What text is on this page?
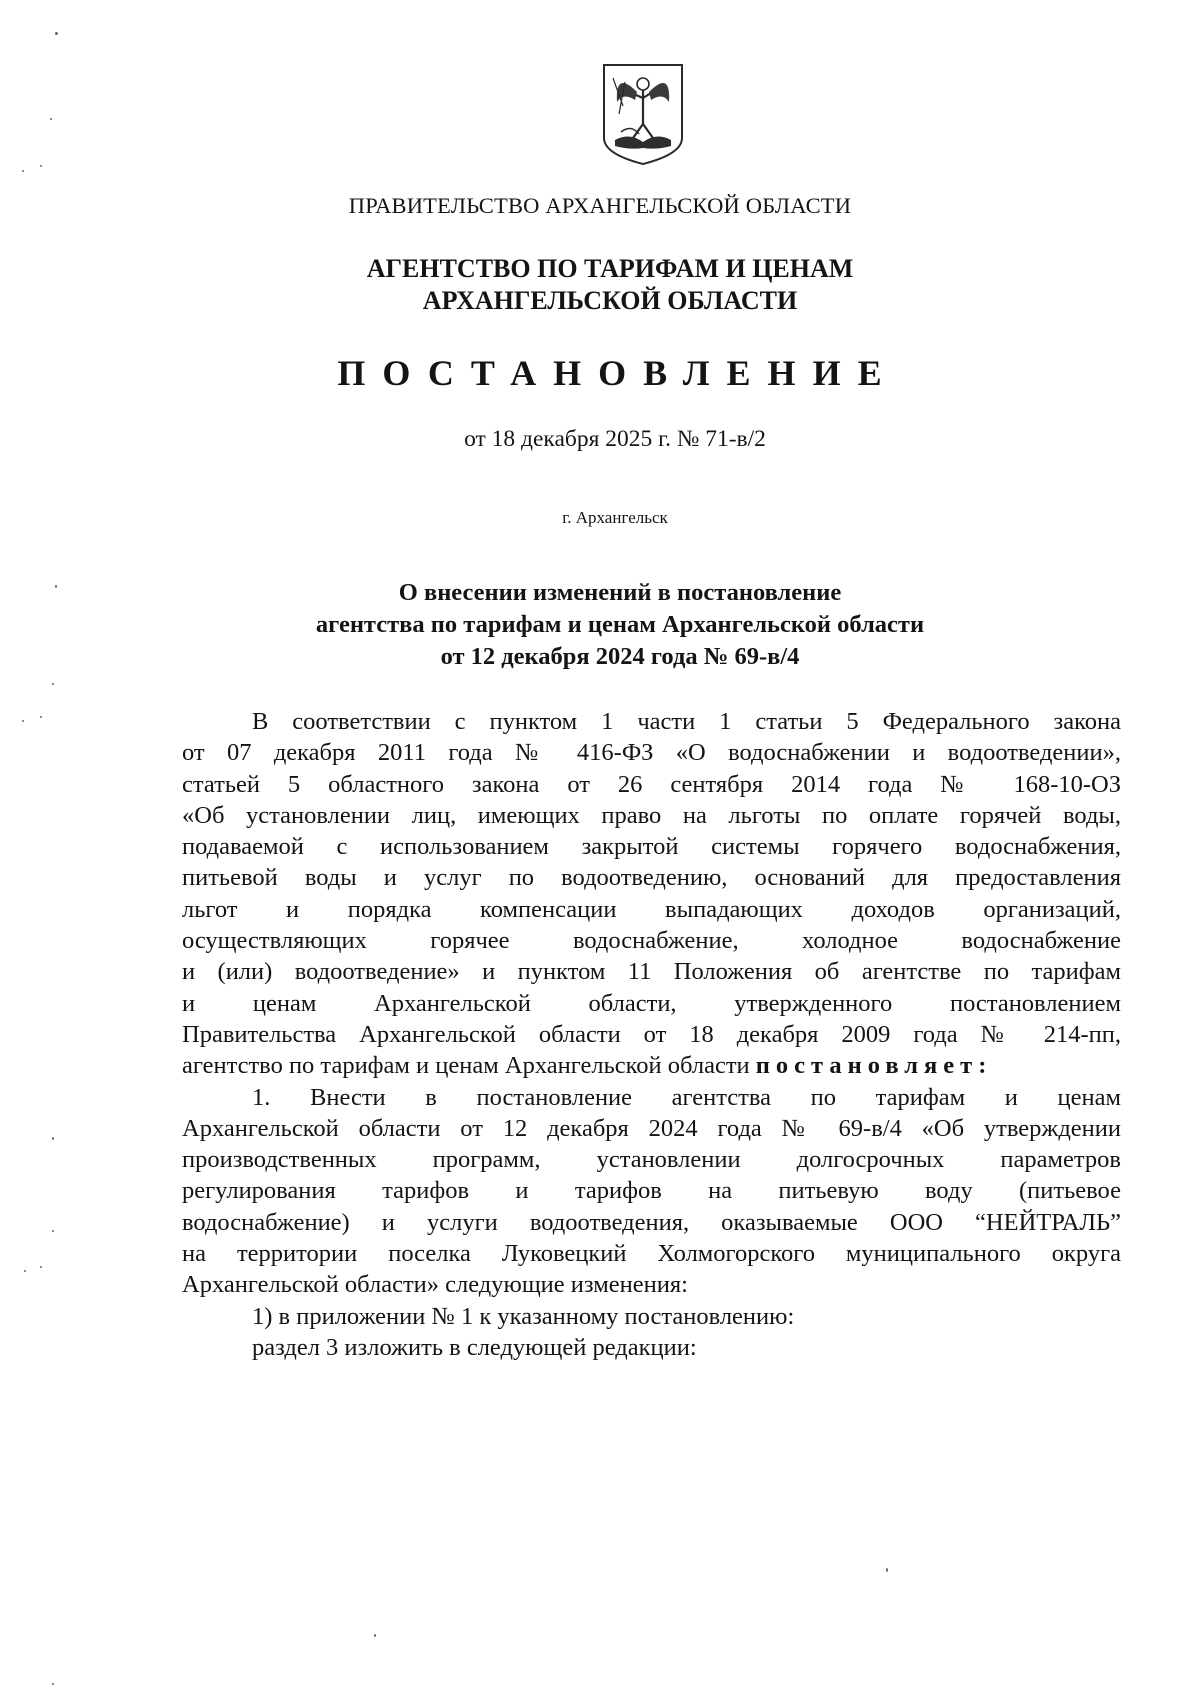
ПРАВИТЕЛЬСТВО АРХАНГЕЛЬСКОЙ ОБЛАСТИ
АГЕНТСТВО ПО ТАРИФАМ И ЦЕНАМ
АРХАНГЕЛЬСКОЙ ОБЛАСТИ
ПОСТАНОВЛЕНИЕ
от 18 декабря 2025 г. № 71-в/2
г. Архангельск
О внесении изменений в постановление
агентства по тарифам и ценам Архангельской области
от 12 декабря 2024 года № 69-в/4

В соответствии с пунктом 1 части 1 статьи 5 Федерального закона

от 07 декабря 2011 года № 416-ФЗ «О водоснабжении и водоотведении»,

статьей 5 областного закона от 26 сентября 2014 года № 168-10-ОЗ

«Об установлении лиц, имеющих право на льготы по оплате горячей воды,

подаваемой с использованием закрытой системы горячего водоснабжения,

питьевой воды и услуг по водоотведению, оснований для предоставления

льгот и порядка компенсации выпадающих доходов организаций,

осуществляющих горячее водоснабжение, холодное водоснабжение

и (или) водоотведение» и пунктом 11 Положения об агентстве по тарифам

и ценам Архангельской области, утвержденного постановлением

Правительства Архангельской области от 18 декабря 2009 года № 214-пп,

агентство по тарифам и ценам Архангельской области постановляет:

1. Внести в постановление агентства по тарифам и ценам

Архангельской области от 12 декабря 2024 года № 69-в/4 «Об утверждении

производственных программ, установлении долгосрочных параметров

регулирования тарифов и тарифов на питьевую воду (питьевое

водоснабжение) и услуги водоотведения, оказываемые ООО “НЕЙТРАЛЬ”

на территории поселка Луковецкий Холмогорского муниципального округа

Архангельской области» следующие изменения:

1) в приложении № 1 к указанному постановлению:

раздел 3 изложить в следующей редакции:
